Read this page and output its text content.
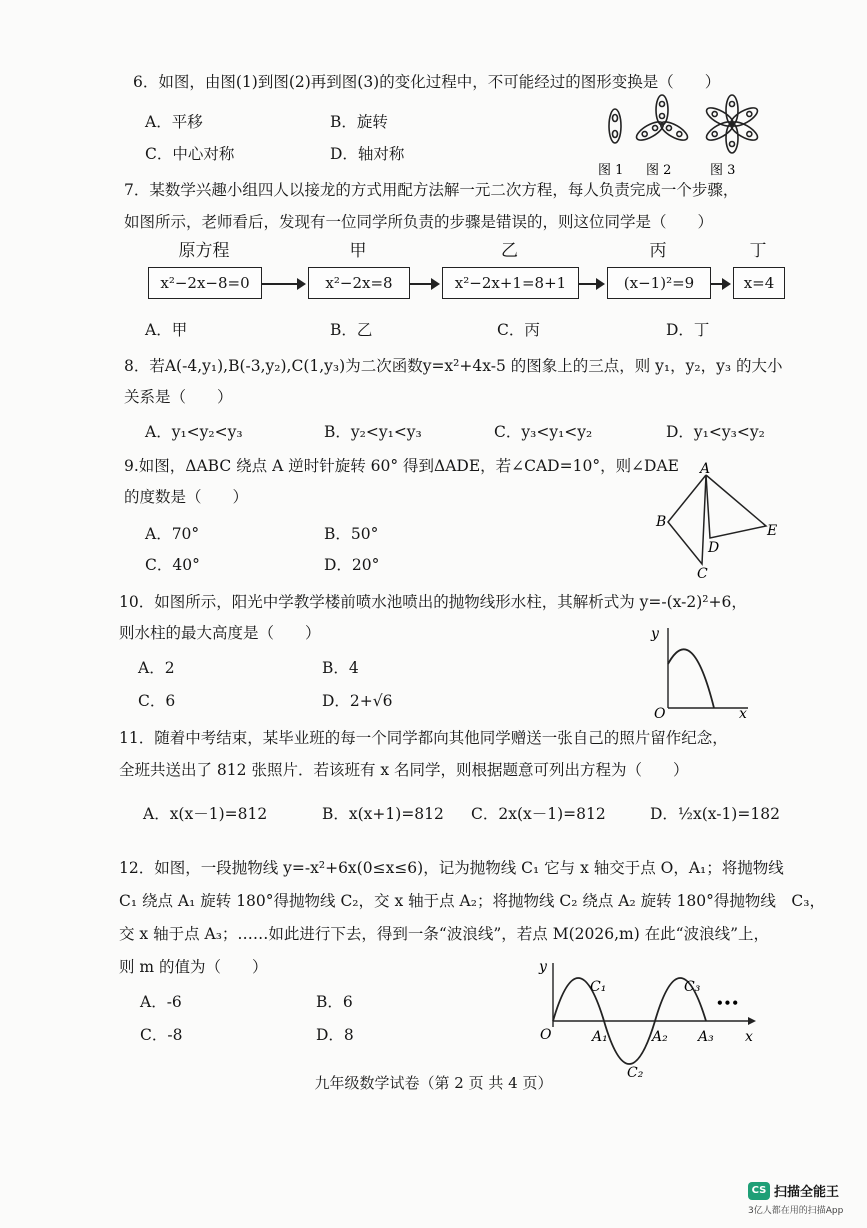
6．如图，由图(1)到图(2)再到图(3)的变化过程中，不可能经过的图形变换是（　　）
A．平移	B．旋转
C．中心对称	D．轴对称
图 1 图 2	图 3
7．某数学兴趣小组四人以接龙的方式用配方法解一元二次方程，每人负责完成一个步骤，
如图所示，老师看后，发现有一位同学所负责的步骤是错误的，则这位同学是（　　）
原方程	甲	乙	丙	丁
x²−2x−8=0	x²−2x=8	x²−2x+1=8+1	(x−1)²=9	x=4
A．甲	B．乙	C．丙	D．丁
8．若A(-4,y₁),B(-3,y₂),C(1,y₃)为二次函数y=x²+4x-5 的图象上的三点，则 y₁，y₂，y₃ 的大小
关系是（　　）
A．y₁<y₂<y₃	B．y₂<y₁<y₃	C．y₃<y₁<y₂	D．y₁<y₃<y₂
9.如图，ΔABC 绕点 A 逆时针旋转 60° 得到ΔADE，若∠CAD=10°，则∠DAE
的度数是（　　）
A．70°	B．50°
C．40°	D．20°
A
B
C
D
E
10．如图所示，阳光中学教学楼前喷水池喷出的抛物线形水柱，其解析式为 y=-(x-2)²+6，
则水柱的最大高度是（　　）
A．2	B．4
C．6	D．2+√6
y
x
O
11．随着中考结束，某毕业班的每一个同学都向其他同学赠送一张自己的照片留作纪念，
全班共送出了 812 张照片．若该班有 x 名同学，则根据题意可列出方程为（　　）
A．x(x－1)=812	B．x(x+1)=812 C．2x(x－1)=812	D．½x(x-1)=182
12．如图，一段抛物线 y=-x²+6x(0≤x≤6)，记为抛物线 C₁ 它与 x 轴交于点 O，A₁；将抛物线
C₁ 绕点 A₁ 旋转 180°得抛物线 C₂，交 x 轴于点 A₂；将抛物线 C₂ 绕点 A₂ 旋转 180°得抛物线　C₃，
交 x 轴于点 A₃；……如此进行下去，得到一条“波浪线”，若点 M(2026,m) 在此“波浪线”上，
则 m 的值为（　　）
A．-6	B．6
C．-8	D．8
y
x
O	A₁	A₂ A₃
C₁
C₂
C₃
•••
九年级数学试卷（第 2 页 共 4 页）
CS 扫描全能王
3亿人都在用的扫描App
